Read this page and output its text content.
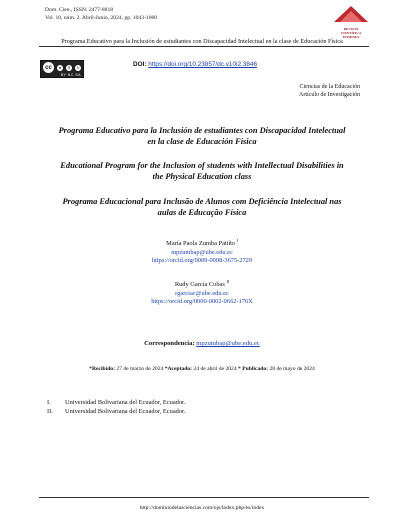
Dom. Cien., ISSN: 2477-8818
Vol. 10, núm. 2. Abril-Junio, 2024, pp. 1043-1060
REVISTA
CIENTÍFICA
DOMINIO
Programa Educativo para la Inclusión de estudiantes con Discapacidad Intelectual en la clase de Educación Física
cc	●	$	↻
BY NC SA
DOI: https://doi.org/10.23857/dc.v10i2.3846
Ciencias de la Educación
Artículo de Investigación
Programa Educativo para la Inclusión de estudiantes con Discapacidad Intelectual
en la clase de Educación Física
Educational Program for the Inclusion of students with Intellectual Disabilities in
the Physical Education class
Programa Educacional para Inclusão de Alunos com Deficiência Intelectual nas
aulas de Educação Física
María Paola Zumba Patiño $^I$
mpzumbap@ube.edu.ec
https://orcid.org/0009-0008-3675-2729
Rudy García Cobas $^{II}$
rgarciac@ube.edu.ec
https://orcid.org/0000-0002-0662-176X
Correspondencia: mpzumbap@ube.edu.ec
*Recibido: 27 de marzo de 2024 *Aceptado: 24 de abril de 2024 * Publicado: 28 de mayo de 2024
I. Universidad Bolivariana del Ecuador, Ecuador.
II. Universidad Bolivariana del Ecuador, Ecuador.
http://dominiodelasciencias.com/ojs/index.php/es/index
